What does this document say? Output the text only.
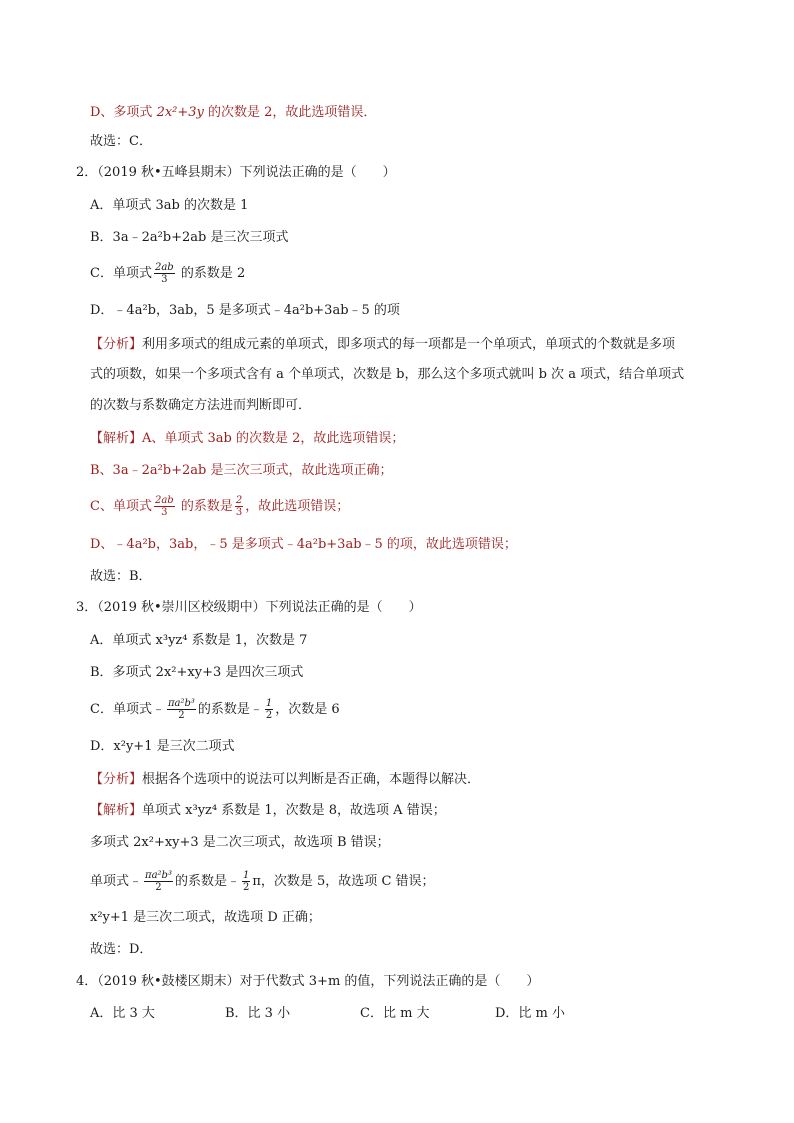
D、多项式 2x²+3y 的次数是 2，故此选项错误．
故选：C．
2．（2019 秋•五峰县期末）下列说法正确的是（　　）
A．单项式 3ab 的次数是 1
B．3a﹣2a²b+2ab 是三次三项式
C．单项式 $\frac{2ab}{3}$ 的系数是 2
D．﹣4a²b，3ab，5 是多项式﹣4a²b+3ab﹣5 的项
【分析】利用多项式的组成元素的单项式，即多项式的每一项都是一个单项式，单项式的个数就是多项
式的项数，如果一个多项式含有 a 个单项式，次数是 b，那么这个多项式就叫 b 次 a 项式，结合单项式
的次数与系数确定方法进而判断即可．
【解析】A、单项式 3ab 的次数是 2，故此选项错误；
B、3a﹣2a²b+2ab 是三次三项式，故此选项正确；
C、单项式 $\frac{2ab}{3}$ 的系数是 $\frac{2}{3}$ ，故此选项错误；
D、﹣4a²b，3ab，﹣5 是多项式﹣4a²b+3ab﹣5 的项，故此选项错误；
故选：B．
3．（2019 秋•崇川区校级期中）下列说法正确的是（　　）
A．单项式 x³yz⁴ 系数是 1，次数是 7
B．多项式 2x²+xy+3 是四次三项式
C．单项式﹣ $\frac{\text{πa²b³}}{2}$ 的系数是﹣ $\frac{1}{2}$ ，次数是 6
D．x²y+1 是三次二项式
【分析】根据各个选项中的说法可以判断是否正确，本题得以解决．
【解析】单项式 x³yz⁴ 系数是 1，次数是 8，故选项 A 错误；
多项式 2x²+xy+3 是二次三项式，故选项 B 错误；
单项式﹣ $\frac{\text{πa²b³}}{2}$ 的系数是﹣ $\frac{1}{2}$ π，次数是 5，故选项 C 错误；
x²y+1 是三次二项式，故选项 D 正确；
故选：D．
4．（2019 秋•鼓楼区期末）对于代数式 3+m 的值，下列说法正确的是（　　）
A．比 3 大	B．比 3 小	C．比 m 大	D．比 m 小
